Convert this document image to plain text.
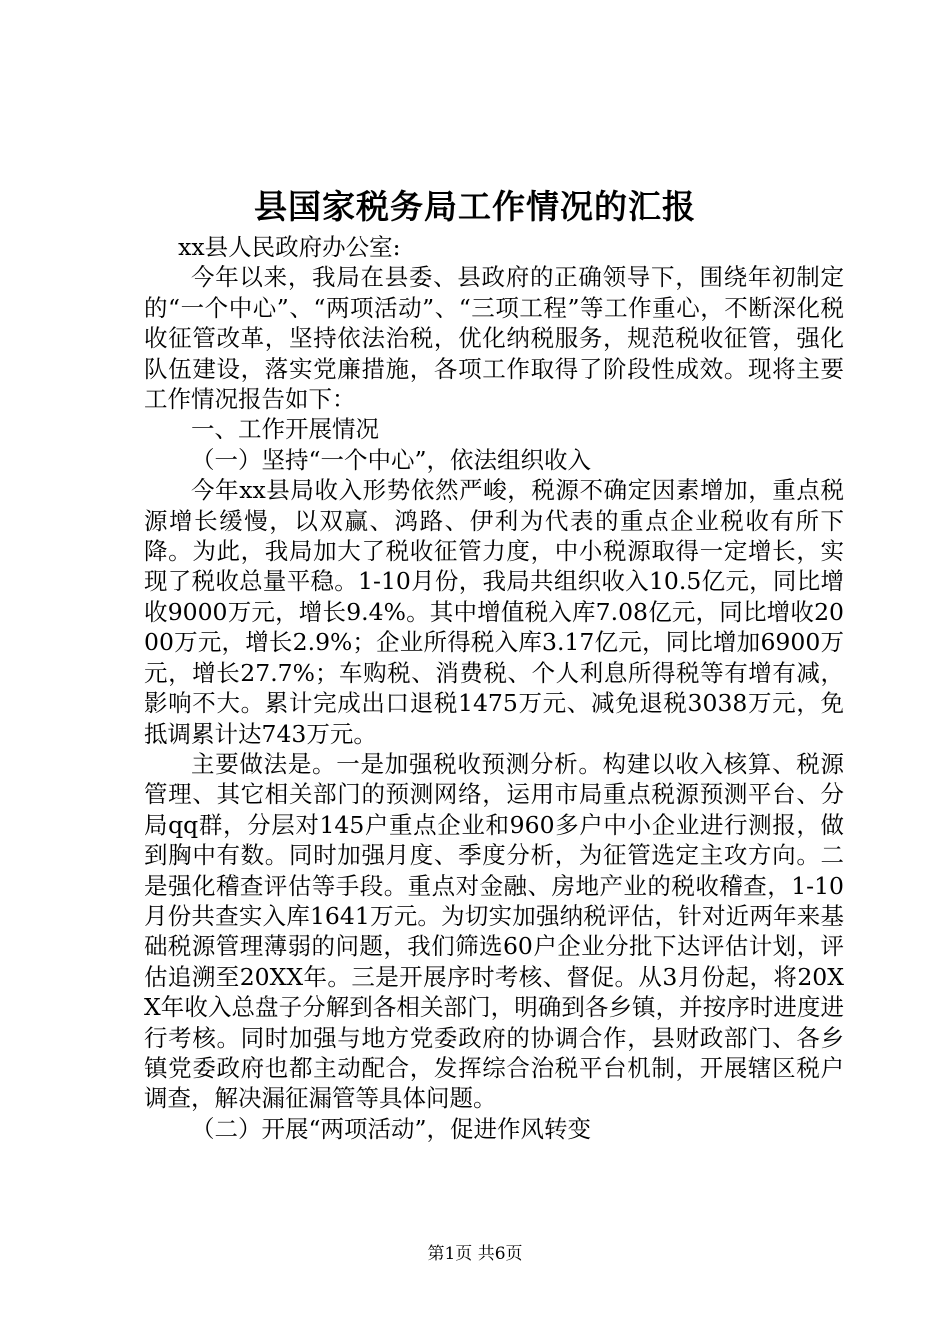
县国家税务局工作情况的汇报

xx县人民政府办公室:

今年以来，我局在县委、县政府的正确领导下，围绕年初制定的“一个中心”、“两项活动”、“三项工程”等工作重心，不断深化税收征管改革，坚持依法治税，优化纳税服务，规范税收征管，强化队伍建设，落实党廉措施，各项工作取得了阶段性成效。现将主要工作情况报告如下：

一、工作开展情况

（一）坚持“一个中心”，依法组织收入

今年xx县局收入形势依然严峻，税源不确定因素增加，重点税源增长缓慢，以双赢、鸿路、伊利为代表的重点企业税收有所下降。为此，我局加大了税收征管力度，中小税源取得一定增长，实现了税收总量平稳。1-10月份，我局共组织收入10.5亿元，同比增收9000万元，增长9.4%。其中增值税入库7.08亿元，同比增收2000万元，增长2.9%；企业所得税入库3.17亿元，同比增加6900万元，增长27.7%；车购税、消费税、个人利息所得税等有增有减，影响不大。累计完成出口退税1475万元、减免退税3038万元，免抵调累计达743万元。

主要做法是。一是加强税收预测分析。构建以收入核算、税源管理、其它相关部门的预测网络，运用市局重点税源预测平台、分局qq群，分层对145户重点企业和960多户中小企业进行测报，做到胸中有数。同时加强月度、季度分析，为征管选定主攻方向。二是强化稽查评估等手段。重点对金融、房地产业的税收稽查，1-10月份共查实入库1641万元。为切实加强纳税评估，针对近两年来基础税源管理薄弱的问题，我们筛选60户企业分批下达评估计划，评估追溯至20XX年。三是开展序时考核、督促。从3月份起，将20XX年收入总盘子分解到各相关部门，明确到各乡镇，并按序时进度进行考核。同时加强与地方党委政府的协调合作，县财政部门、各乡镇党委政府也都主动配合，发挥综合治税平台机制，开展辖区税户调查，解决漏征漏管等具体问题。

（二）开展“两项活动”，促进作风转变

第1页 共6页
